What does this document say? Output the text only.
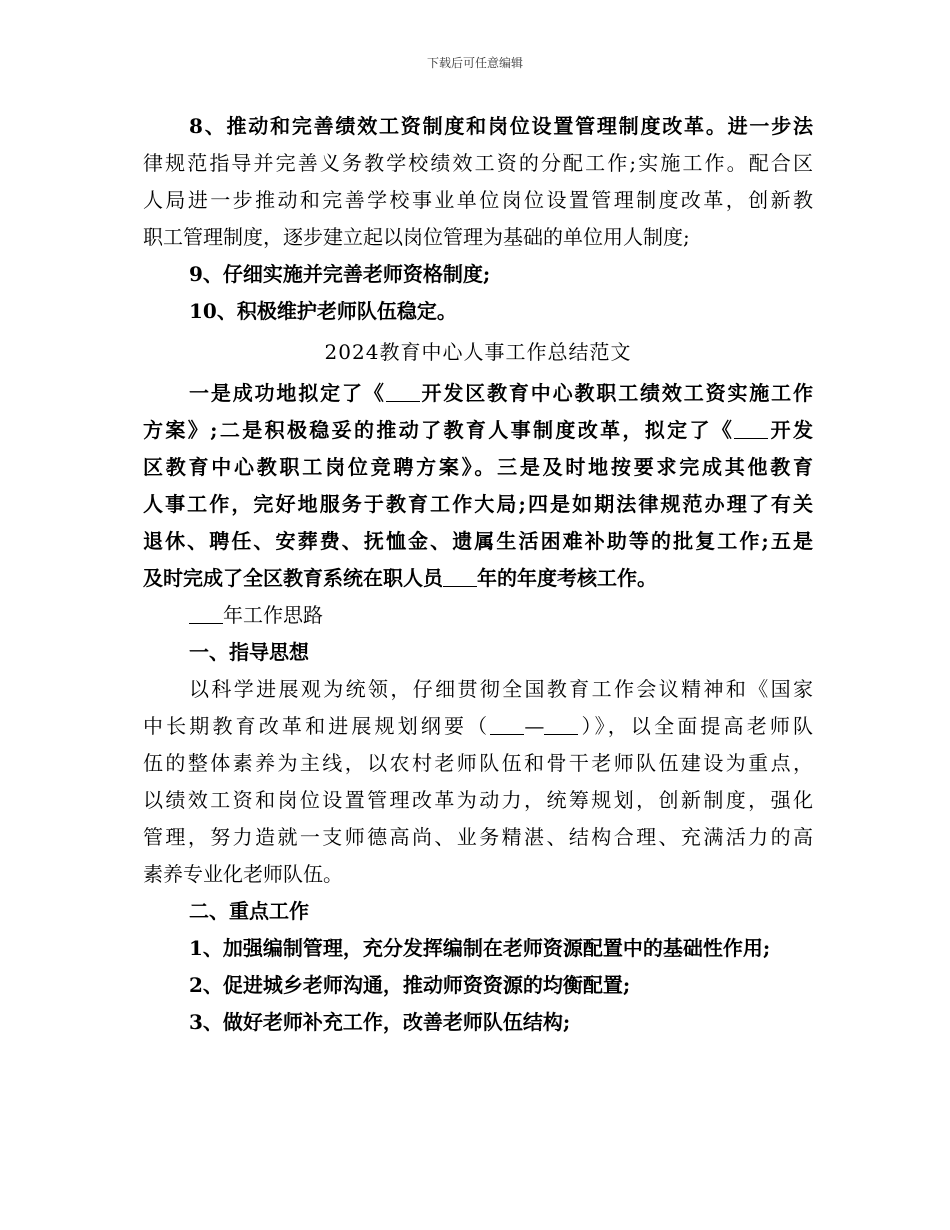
下载后可任意编辑
8、推动和完善绩效工资制度和岗位设置管理制度改革。进一步法
律规范指导并完善义务教学校绩效工资的分配工作;实施工作。配合区
人局进一步推动和完善学校事业单位岗位设置管理制度改革，创新教
职工管理制度，逐步建立起以岗位管理为基础的单位用人制度;
9、仔细实施并完善老师资格制度;
10、积极维护老师队伍稳定。
2024教育中心人事工作总结范文
一是成功地拟定了《 开发区教育中心教职工绩效工资实施工作
方案》;二是积极稳妥的推动了教育人事制度改革，拟定了《 开发
区教育中心教职工岗位竞聘方案》。三是及时地按要求完成其他教育
人事工作，完好地服务于教育工作大局;四是如期法律规范办理了有关
退休、聘任、安葬费、抚恤金、遗属生活困难补助等的批复工作;五是
及时完成了全区教育系统在职人员 年的年度考核工作。
年工作思路
一、指导思想
以科学进展观为统领，仔细贯彻全国教育工作会议精神和《国家
中长期教育改革和进展规划纲要（ — ）》，以全面提高老师队
伍的整体素养为主线，以农村老师队伍和骨干老师队伍建设为重点，
以绩效工资和岗位设置管理改革为动力，统筹规划，创新制度，强化
管理，努力造就一支师德高尚、业务精湛、结构合理、充满活力的高
素养专业化老师队伍。
二、重点工作
1、加强编制管理，充分发挥编制在老师资源配置中的基础性作用;
2、促进城乡老师沟通，推动师资资源的均衡配置;
3、做好老师补充工作，改善老师队伍结构;
